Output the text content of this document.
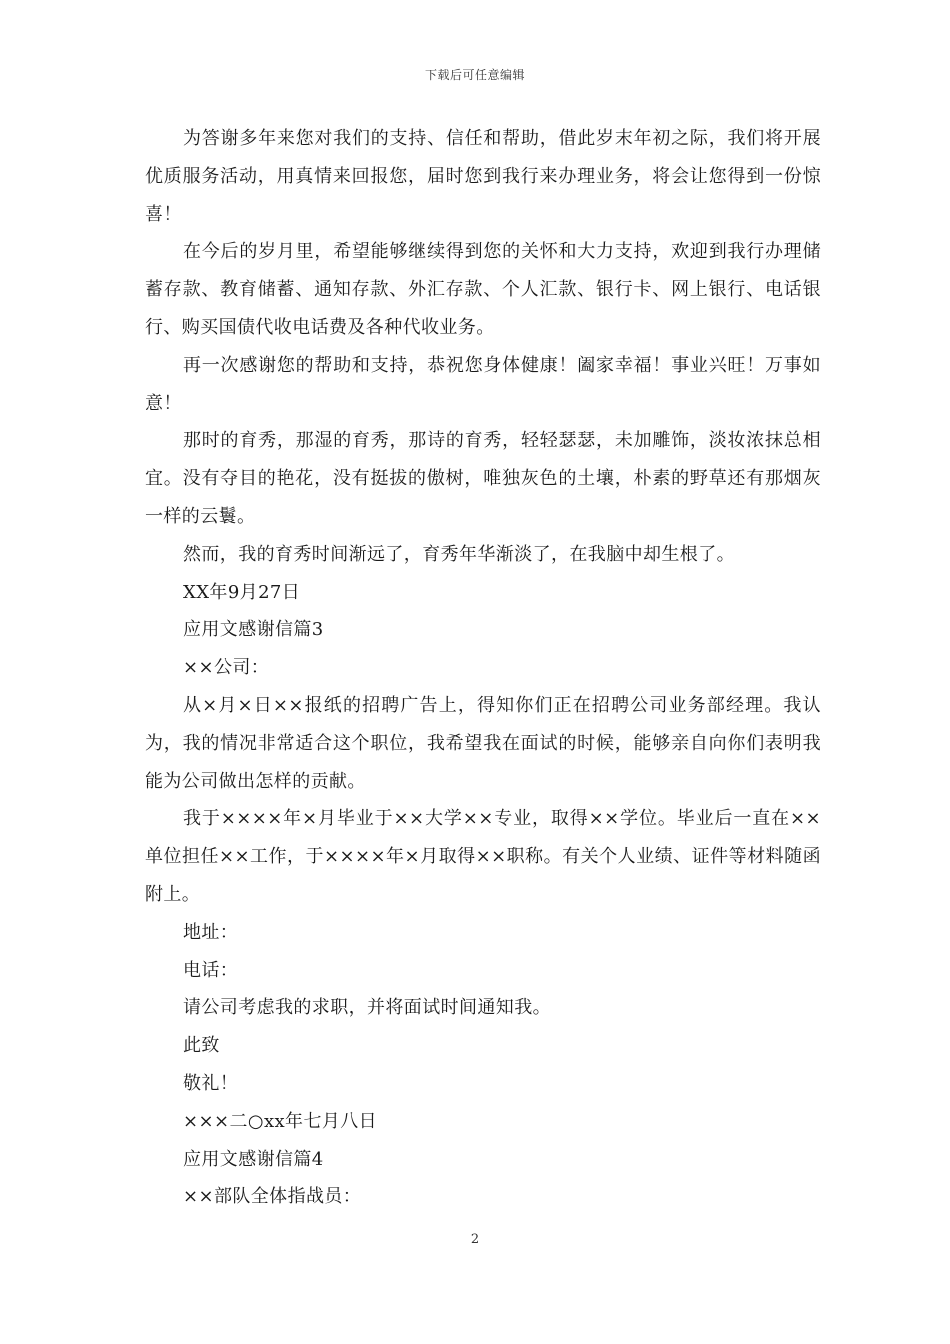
下载后可任意编辑

为答谢多年来您对我们的支持、信任和帮助，借此岁末年初之际，我们将开展优质服务活动，用真情来回报您，届时您到我行来办理业务，将会让您得到一份惊喜！

在今后的岁月里，希望能够继续得到您的关怀和大力支持，欢迎到我行办理储蓄存款、教育储蓄、通知存款、外汇存款、个人汇款、银行卡、网上银行、电话银行、购买国债代收电话费及各种代收业务。

再一次感谢您的帮助和支持，恭祝您身体健康！阖家幸福！事业兴旺！万事如意！

那时的育秀，那湿的育秀，那诗的育秀，轻轻瑟瑟，未加雕饰，淡妆浓抹总相宜。没有夺目的艳花，没有挺拔的傲树，唯独灰色的土壤，朴素的野草还有那烟灰一样的云鬟。

然而，我的育秀时间渐远了，育秀年华渐淡了，在我脑中却生根了。

XX年9月27日

应用文感谢信篇3

××公司：

从×月×日××报纸的招聘广告上，得知你们正在招聘公司业务部经理。我认为，我的情况非常适合这个职位，我希望我在面试的时候，能够亲自向你们表明我能为公司做出怎样的贡献。

我于××××年×月毕业于××大学××专业，取得××学位。毕业后一直在××单位担任××工作，于××××年×月取得××职称。有关个人业绩、证件等材料随函附上。

地址：

电话：

请公司考虑我的求职，并将面试时间通知我。

此致

敬礼！

×××二○xx年七月八日

应用文感谢信篇4

××部队全体指战员：

2
